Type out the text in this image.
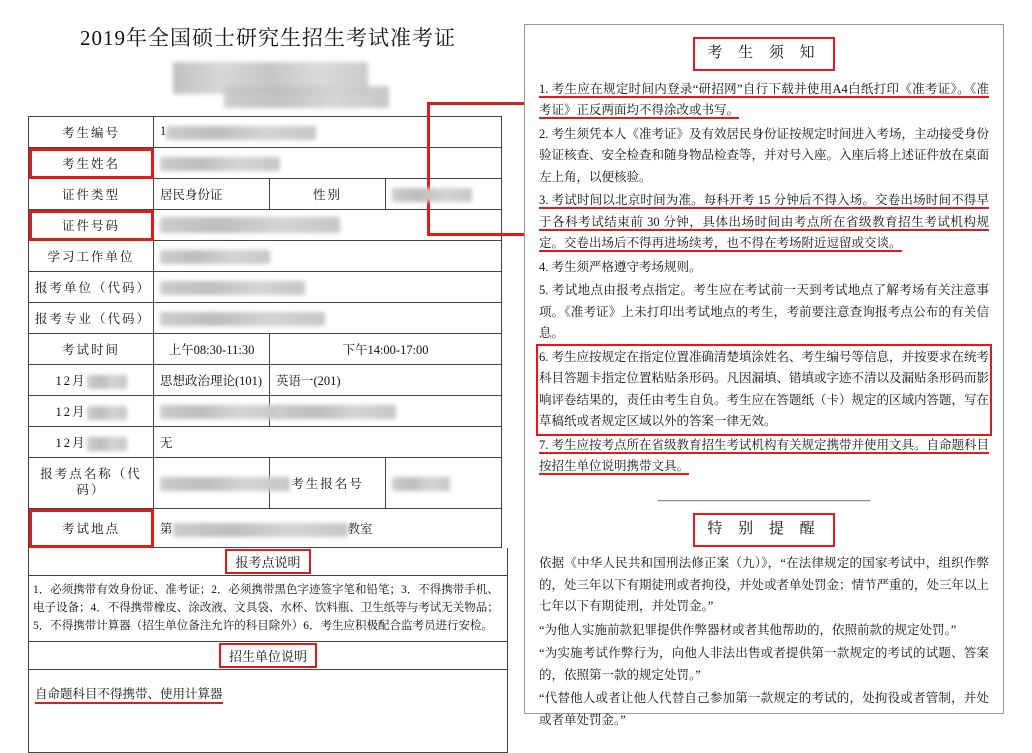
2019年全国硕士研究生招生考试准考证
考生编号	1		
考生姓名			
证件类型	居民身份证	性别	
证件号码			
学习工作单位			
报考单位（代码）			
报考专业（代码）			
考试时间	上午08:30-11:30	下午14:00-17:00	
12月	思想政治理论(101)	英语一(201)	
12月			
12月	无		
报考点名称（代码）		考生报名号	
考试地点	第 教室		
报考点说明
1．必须携带有效身份证、准考证；2．必须携带黑色字迹签字笔和铅笔；3．不得携带手机、电子设备；4．不得携带橡皮、涂改液、文具袋、水杯、饮料瓶、卫生纸等与考试无关物品；5．不得携带计算器（招生单位备注允许的科目除外）6．考生应积极配合监考员进行安检。
招生单位说明
自命题科目不得携带、使用计算器
考 生 须 知

1. 考生应在规定时间内登录“研招网”自行下载并使用A4白纸打印《准考证》。《准考证》正反两面均不得涂改或书写。

2. 考生须凭本人《准考证》及有效居民身份证按规定时间进入考场，主动接受身份验证核查、安全检查和随身物品检查等，并对号入座。入座后将上述证件放在桌面左上角，以便核验。

3. 考试时间以北京时间为准。每科开考 15 分钟后不得入场。交卷出场时间不得早于各科考试结束前 30 分钟，具体出场时间由考点所在省级教育招生考试机构规定。交卷出场后不得再进场续考，也不得在考场附近逗留或交谈。

4. 考生须严格遵守考场规则。

5. 考试地点由报考点指定。考生应在考试前一天到考试地点了解考场有关注意事项。《准考证》上未打印出考试地点的考生，考前要注意查询报考点公布的有关信息。

6. 考生应按规定在指定位置准确清楚填涂姓名、考生编号等信息，并按要求在统考科目答题卡指定位置粘贴条形码。凡因漏填、错填或字迹不清以及漏贴条形码而影响评卷结果的，责任由考生自负。考生应在答题纸（卡）规定的区域内答题，写在草稿纸或者规定区域以外的答案一律无效。

7. 考生应按考点所在省级教育招生考试机构有关规定携带并使用文具。自命题科目按招生单位说明携带文具。

—————————————————
特 别 提 醒

依据《中华人民共和国刑法修正案（九）》，“在法律规定的国家考试中，组织作弊的，处三年以下有期徒刑或者拘役，并处或者单处罚金；情节严重的，处三年以上七年以下有期徒刑，并处罚金。”

“为他人实施前款犯罪提供作弊器材或者其他帮助的，依照前款的规定处罚。”

“为实施考试作弊行为，向他人非法出售或者提供第一款规定的考试的试题、答案的，依照第一款的规定处罚。”

“代替他人或者让他人代替自己参加第一款规定的考试的，处拘役或者管制，并处或者单处罚金。”
